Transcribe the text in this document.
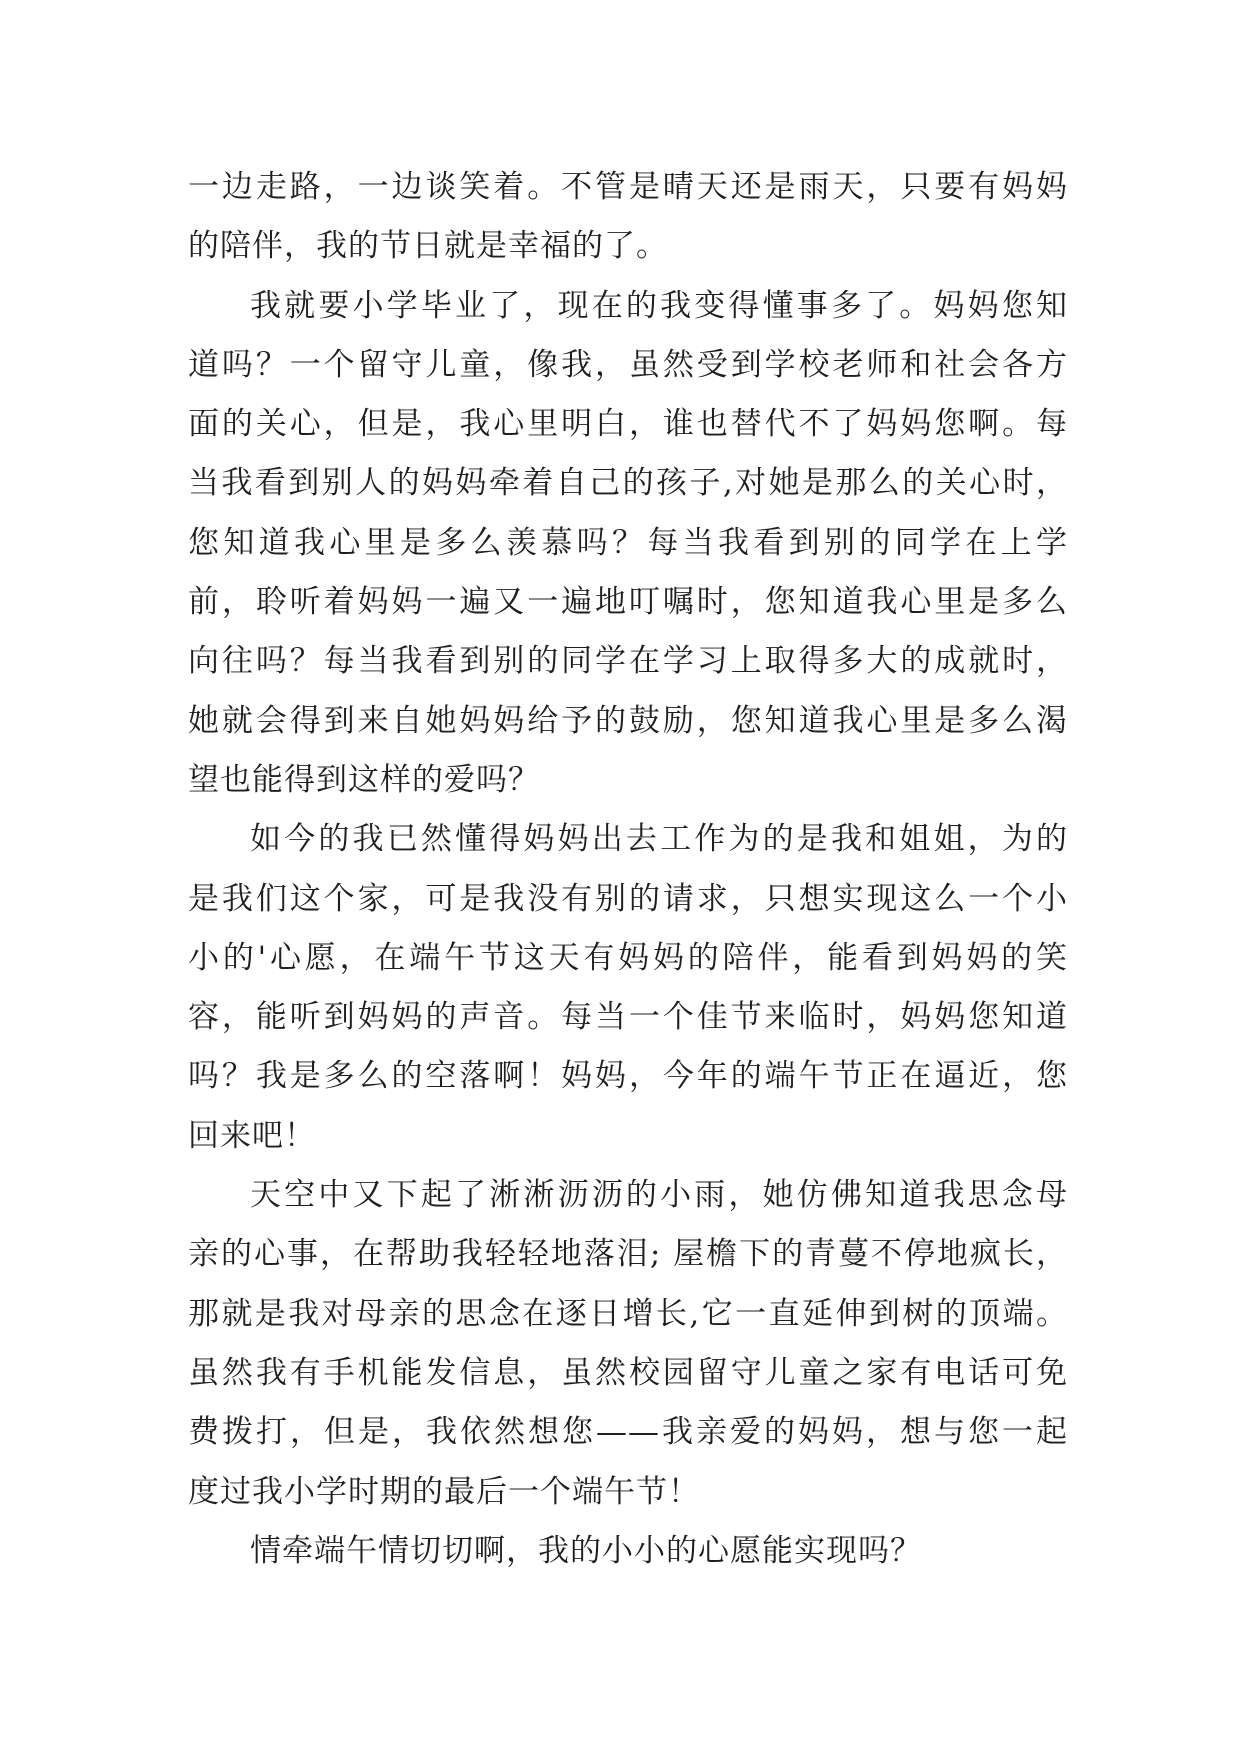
一边走路，一边谈笑着。不管是晴天还是雨天，只要有妈妈
的陪伴，我的节日就是幸福的了。
我就要小学毕业了，现在的我变得懂事多了。妈妈您知
道吗？一个留守儿童，像我，虽然受到学校老师和社会各方
面的关心，但是，我心里明白，谁也替代不了妈妈您啊。每
当我看到别人的妈妈牵着自己的孩子,对她是那么的关心时，
您知道我心里是多么羡慕吗？每当我看到别的同学在上学
前，聆听着妈妈一遍又一遍地叮嘱时，您知道我心里是多么
向往吗？每当我看到别的同学在学习上取得多大的成就时，
她就会得到来自她妈妈给予的鼓励，您知道我心里是多么渴
望也能得到这样的爱吗？
如今的我已然懂得妈妈出去工作为的是我和姐姐，为的
是我们这个家，可是我没有别的请求，只想实现这么一个小
小的'心愿，在端午节这天有妈妈的陪伴，能看到妈妈的笑
容，能听到妈妈的声音。每当一个佳节来临时，妈妈您知道
吗？我是多么的空落啊！妈妈，今年的端午节正在逼近，您
回来吧！
天空中又下起了淅淅沥沥的小雨，她仿佛知道我思念母
亲的心事，在帮助我轻轻地落泪; 屋檐下的青蔓不停地疯长，
那就是我对母亲的思念在逐日增长,它一直延伸到树的顶端。
虽然我有手机能发信息，虽然校园留守儿童之家有电话可免
费拨打，但是，我依然想您——我亲爱的妈妈，想与您一起
度过我小学时期的最后一个端午节！
情牵端午情切切啊，我的小小的心愿能实现吗？
